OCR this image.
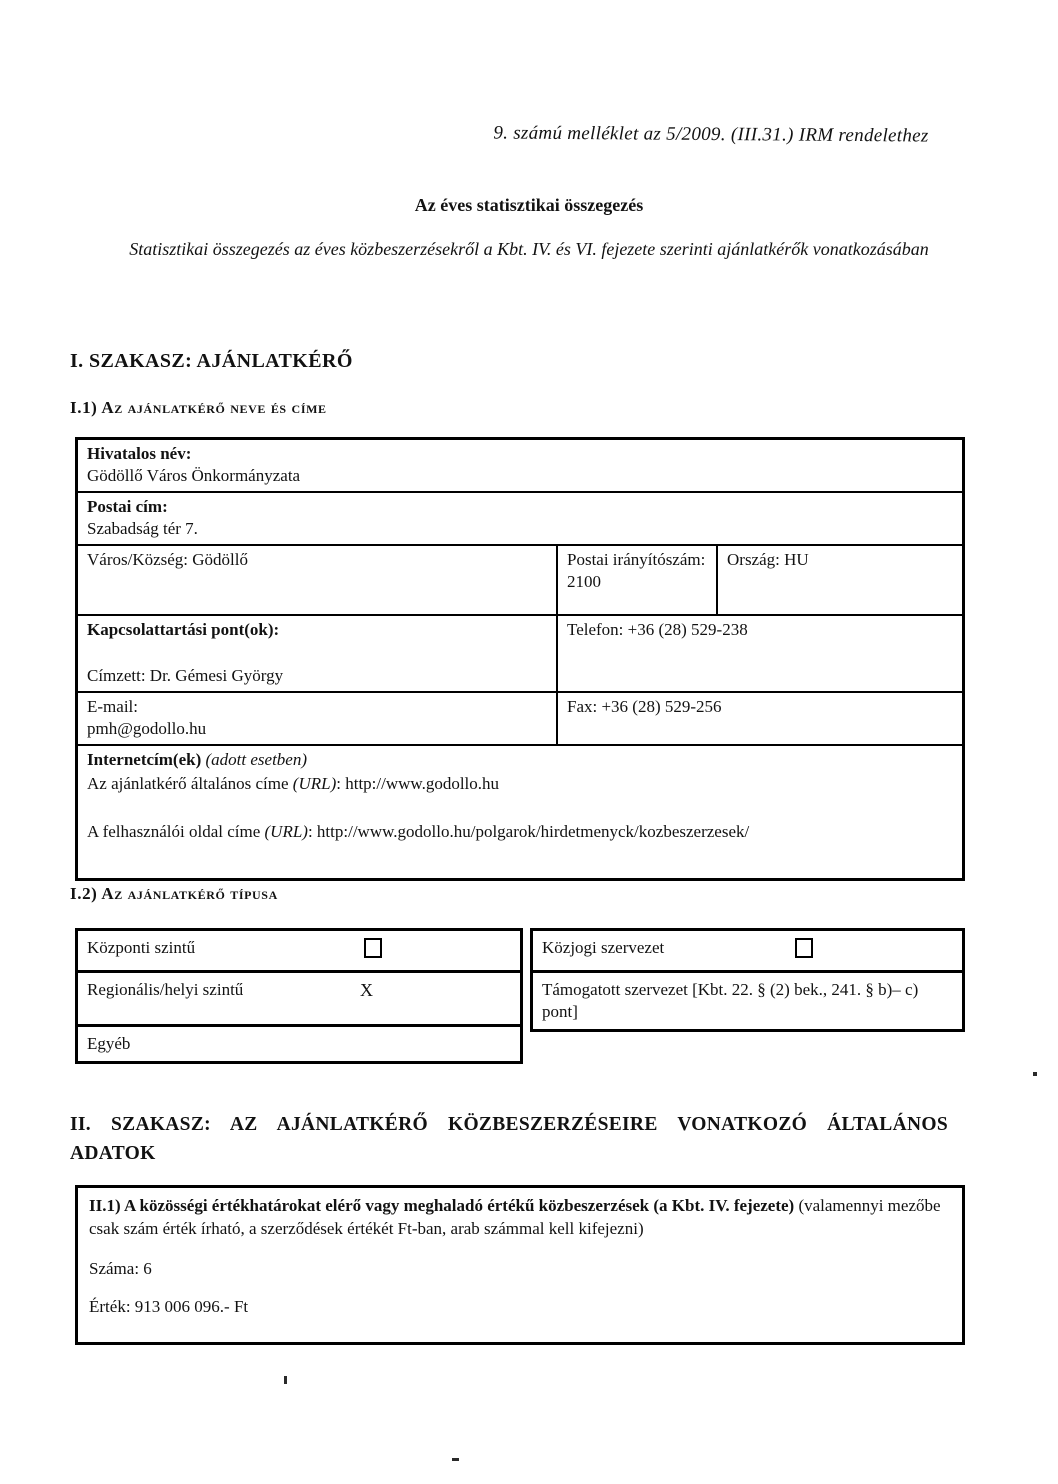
9. számú melléklet az 5/2009. (III.31.) IRM rendelethez
Az éves statisztikai összegezés
Statisztikai összegezés az éves közbeszerzésekről a Kbt. IV. és VI. fejezete szerinti ajánlatkérők vonatkozásában
I. SZAKASZ: AJÁNLATKÉRŐ
I.1) Az ajánlatkérő neve és címe
Hivatalos név:
Gödöllő Város Önkormányzata
Postai cím:
Szabadság tér 7.
Város/Község: Gödöllő	Postai irányítószám:
2100
Ország: HU
Kapcsolattartási pont(ok):
Címzett: Dr. Gémesi György
Telefon: +36 (28) 529-238
E-mail:
pmh@godollo.hu
Fax: +36 (28) 529-256
Internetcím(ek) (adott esetben)
Az ajánlatkérő általános címe (URL): http://www.godollo.hu
A felhasználói oldal címe (URL): http://www.godollo.hu/polgarok/hirdetmenyck/kozbeszerzesek/
I.2) Az ajánlatkérő típusa
Központi szintű
Regionális/helyi szintű	X
Egyéb
Közjogi szervezet
Támogatott szervezet [Kbt. 22. § (2) bek., 241. § b)– c) pont]
II. SZAKASZ: AZ AJÁNLATKÉRŐ KÖZBESZERZÉSEIRE VONATKOZÓ ÁLTALÁNOS ADATOK
II.1) A közösségi értékhatárokat elérő vagy meghaladó értékű közbeszerzések (a Kbt. IV. fejezete) (valamennyi mezőbe csak szám érték írható, a szerződések értékét Ft-ban, arab számmal kell kifejezni)
Száma: 6
Érték: 913 006 096.- Ft
